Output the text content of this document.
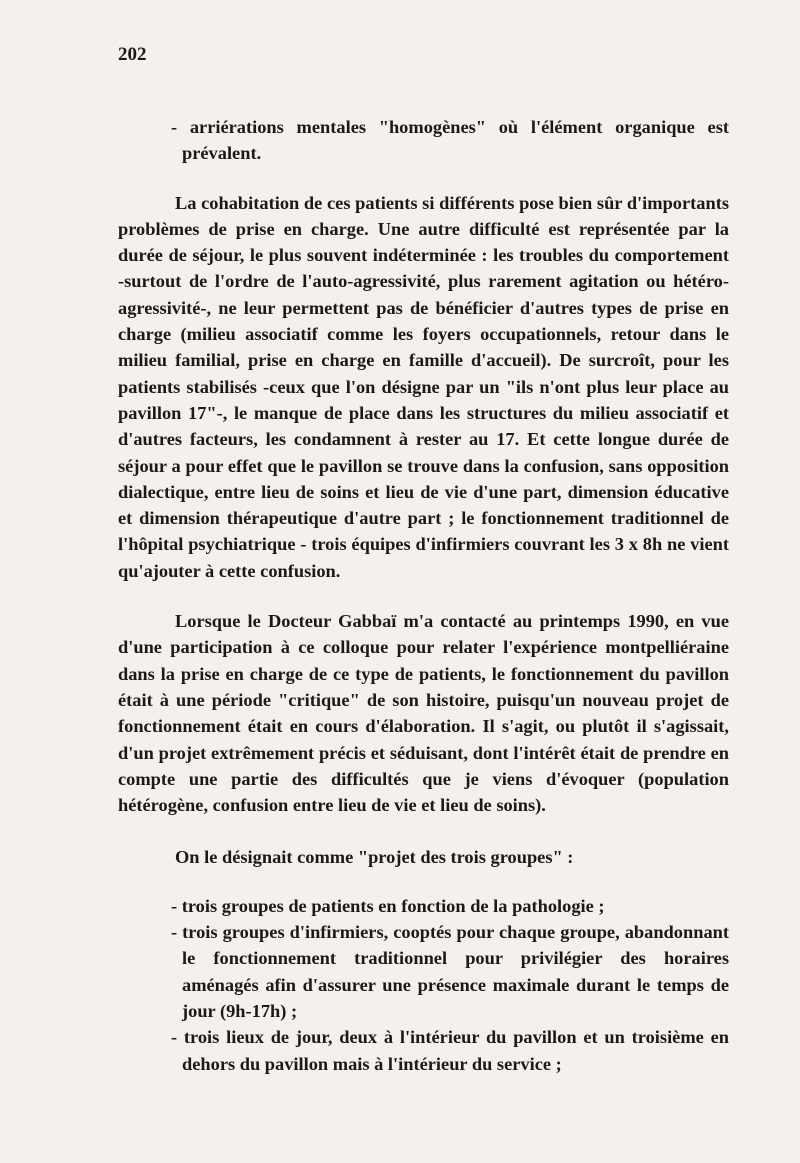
202

- arriérations mentales "homogènes" où l'élément organique est prévalent.

La cohabitation de ces patients si différents pose bien sûr d'importants problèmes de prise en charge. Une autre difficulté est représentée par la durée de séjour, le plus souvent indéterminée : les troubles du comportement -surtout de l'ordre de l'auto-agressivité, plus rarement agitation ou hétéro-agressivité-, ne leur permettent pas de bénéficier d'autres types de prise en charge (milieu associatif comme les foyers occupationnels, retour dans le milieu familial, prise en charge en famille d'accueil). De surcroît, pour les patients stabilisés -ceux que l'on désigne par un "ils n'ont plus leur place au pavillon 17"-, le manque de place dans les structures du milieu associatif et d'autres facteurs, les condamnent à rester au 17. Et cette longue durée de séjour a pour effet que le pavillon se trouve dans la confusion, sans opposition dialectique, entre lieu de soins et lieu de vie d'une part, dimension éducative et dimension thérapeutique d'autre part ; le fonctionnement traditionnel de l'hôpital psychiatrique - trois équipes d'infirmiers couvrant les 3 x 8h ne vient qu'ajouter à cette confusion.

Lorsque le Docteur Gabbaï m'a contacté au printemps 1990, en vue d'une participation à ce colloque pour relater l'expérience montpelliéraine dans la prise en charge de ce type de patients, le fonctionnement du pavillon était à une période "critique" de son histoire, puisqu'un nouveau projet de fonctionnement était en cours d'élaboration. Il s'agit, ou plutôt il s'agissait, d'un projet extrêmement précis et séduisant, dont l'intérêt était de prendre en compte une partie des difficultés que je viens d'évoquer (population hétérogène, confusion entre lieu de vie et lieu de soins).

On le désignait comme "projet des trois groupes" :

- trois groupes de patients en fonction de la pathologie ;
- trois groupes d'infirmiers, cooptés pour chaque groupe, abandonnant le fonctionnement traditionnel pour privilégier des horaires aménagés afin d'assurer une présence maximale durant le temps de jour (9h-17h) ;
- trois lieux de jour, deux à l'intérieur du pavillon et un troisième en dehors du pavillon mais à l'intérieur du service ;
